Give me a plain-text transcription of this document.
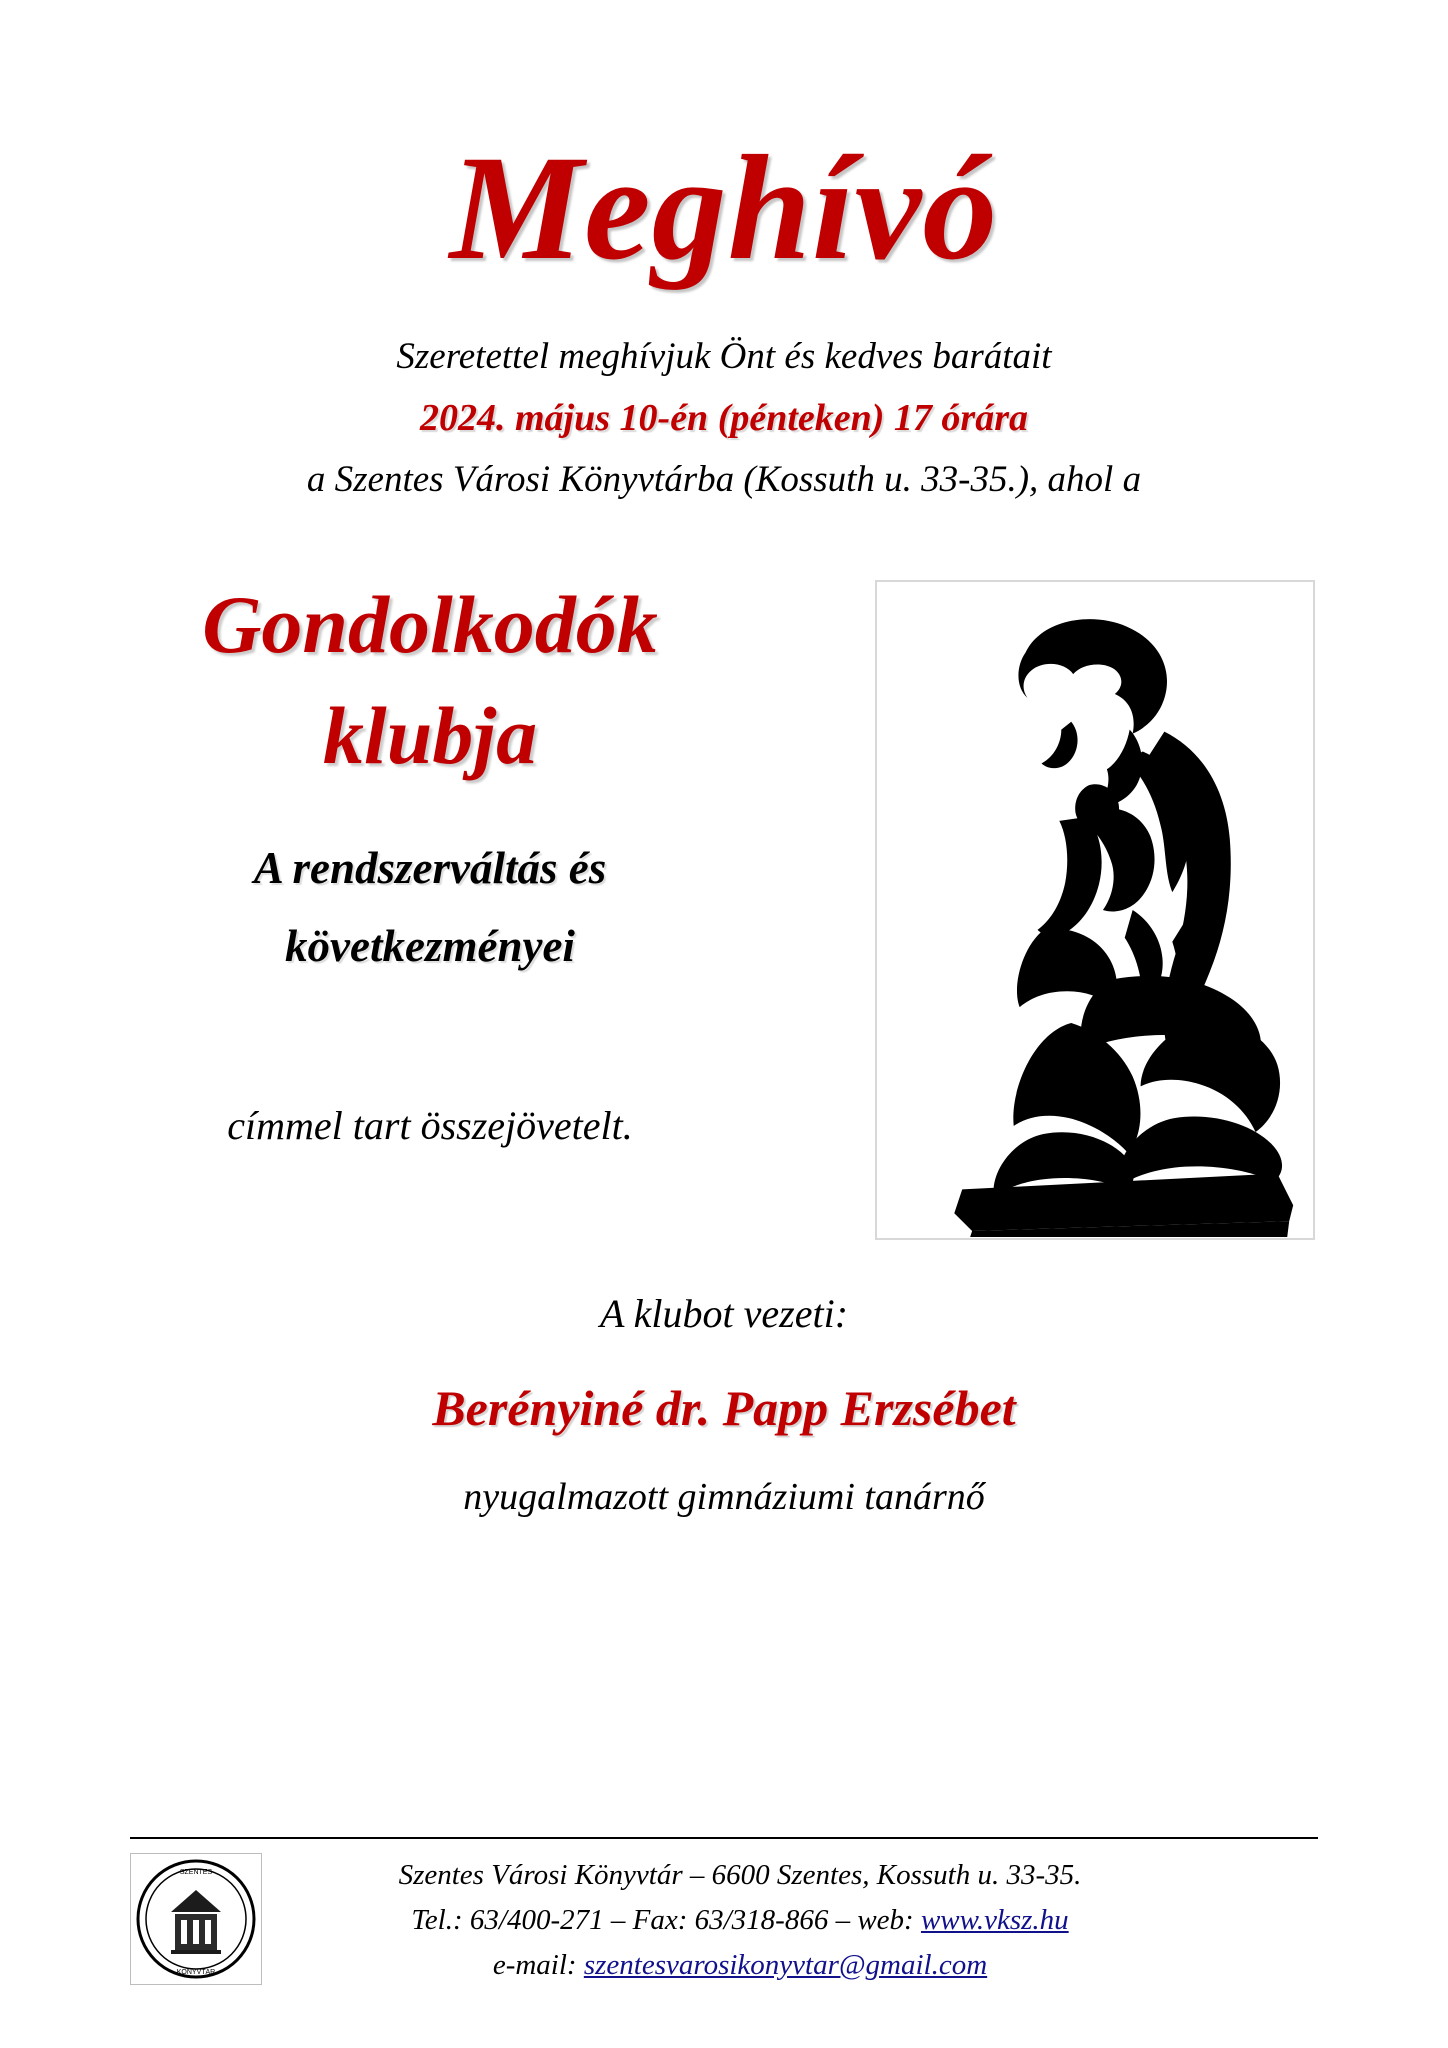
Meghívó
Szeretettel meghívjuk Önt és kedves barátait
2024. május 10-én (pénteken) 17 órára
a Szentes Városi Könyvtárba (Kossuth u. 33-35.), ahol a
Gondolkodók
klubja
A rendszerváltás és
következményei
címmel tart összejövetelt.
A klubot vezeti:
Berényiné dr. Papp Erzsébet
nyugalmazott gimnáziumi tanárnő
SZENTES
KÖNYVTÁR
Szentes Városi Könyvtár – 6600 Szentes, Kossuth u. 33-35.
Tel.: 63/400-271 – Fax: 63/318-866 – web: www.vksz.hu
e-mail: szentesvarosikonyvtar@gmail.com
